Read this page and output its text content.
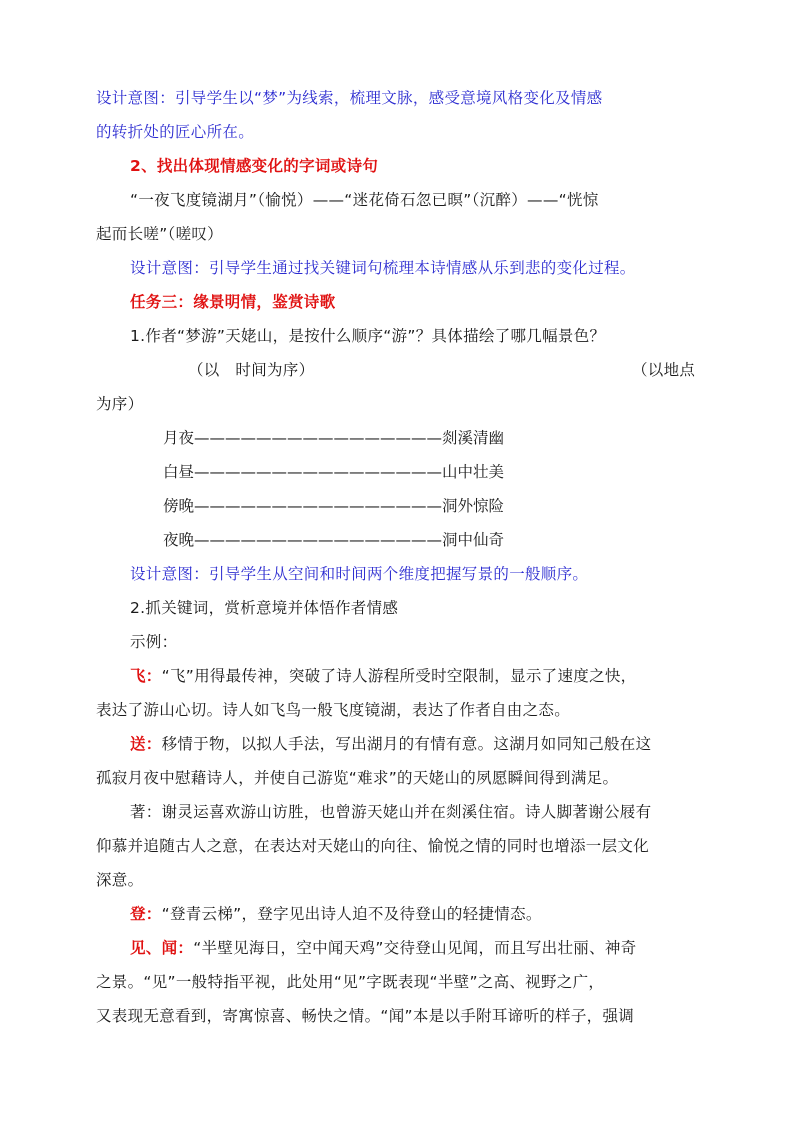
设计意图：引导学生以“梦”为线索，梳理文脉，感受意境风格变化及情感
的转折处的匠心所在。
2、找出体现情感变化的字词或诗句
“一夜飞度镜湖月”（愉悦）——“迷花倚石忽已暝”（沉醉）——“恍惊
起而长嗟”（嗟叹）
设计意图：引导学生通过找关键词句梳理本诗情感从乐到悲的变化过程。
任务三：缘景明情，鉴赏诗歌
1.作者“梦游”天姥山，是按什么顺序“游”？具体描绘了哪几幅景色？
（以　时间为序）	（以地点
为序）
月夜————————————————剡溪清幽
白昼————————————————山中壮美
傍晚————————————————洞外惊险
夜晚————————————————洞中仙奇
设计意图：引导学生从空间和时间两个维度把握写景的一般顺序。
2.抓关键词，赏析意境并体悟作者情感
示例：
飞：“飞”用得最传神，突破了诗人游程所受时空限制，显示了速度之快，
表达了游山心切。诗人如飞鸟一般飞度镜湖，表达了作者自由之态。
送：移情于物，以拟人手法，写出湖月的有情有意。这湖月如同知己般在这
孤寂月夜中慰藉诗人，并使自己游览“难求”的天姥山的夙愿瞬间得到满足。
著：谢灵运喜欢游山访胜，也曾游天姥山并在剡溪住宿。诗人脚著谢公屐有
仰慕并追随古人之意，在表达对天姥山的向往、愉悦之情的同时也增添一层文化
深意。
登：“登青云梯”，登字见出诗人迫不及待登山的轻捷情态。
见、闻：“半壁见海日，空中闻天鸡”交待登山见闻，而且写出壮丽、神奇
之景。“见”一般特指平视，此处用“见”字既表现“半壁”之高、视野之广，
又表现无意看到，寄寓惊喜、畅快之情。“闻”本是以手附耳谛听的样子，强调
